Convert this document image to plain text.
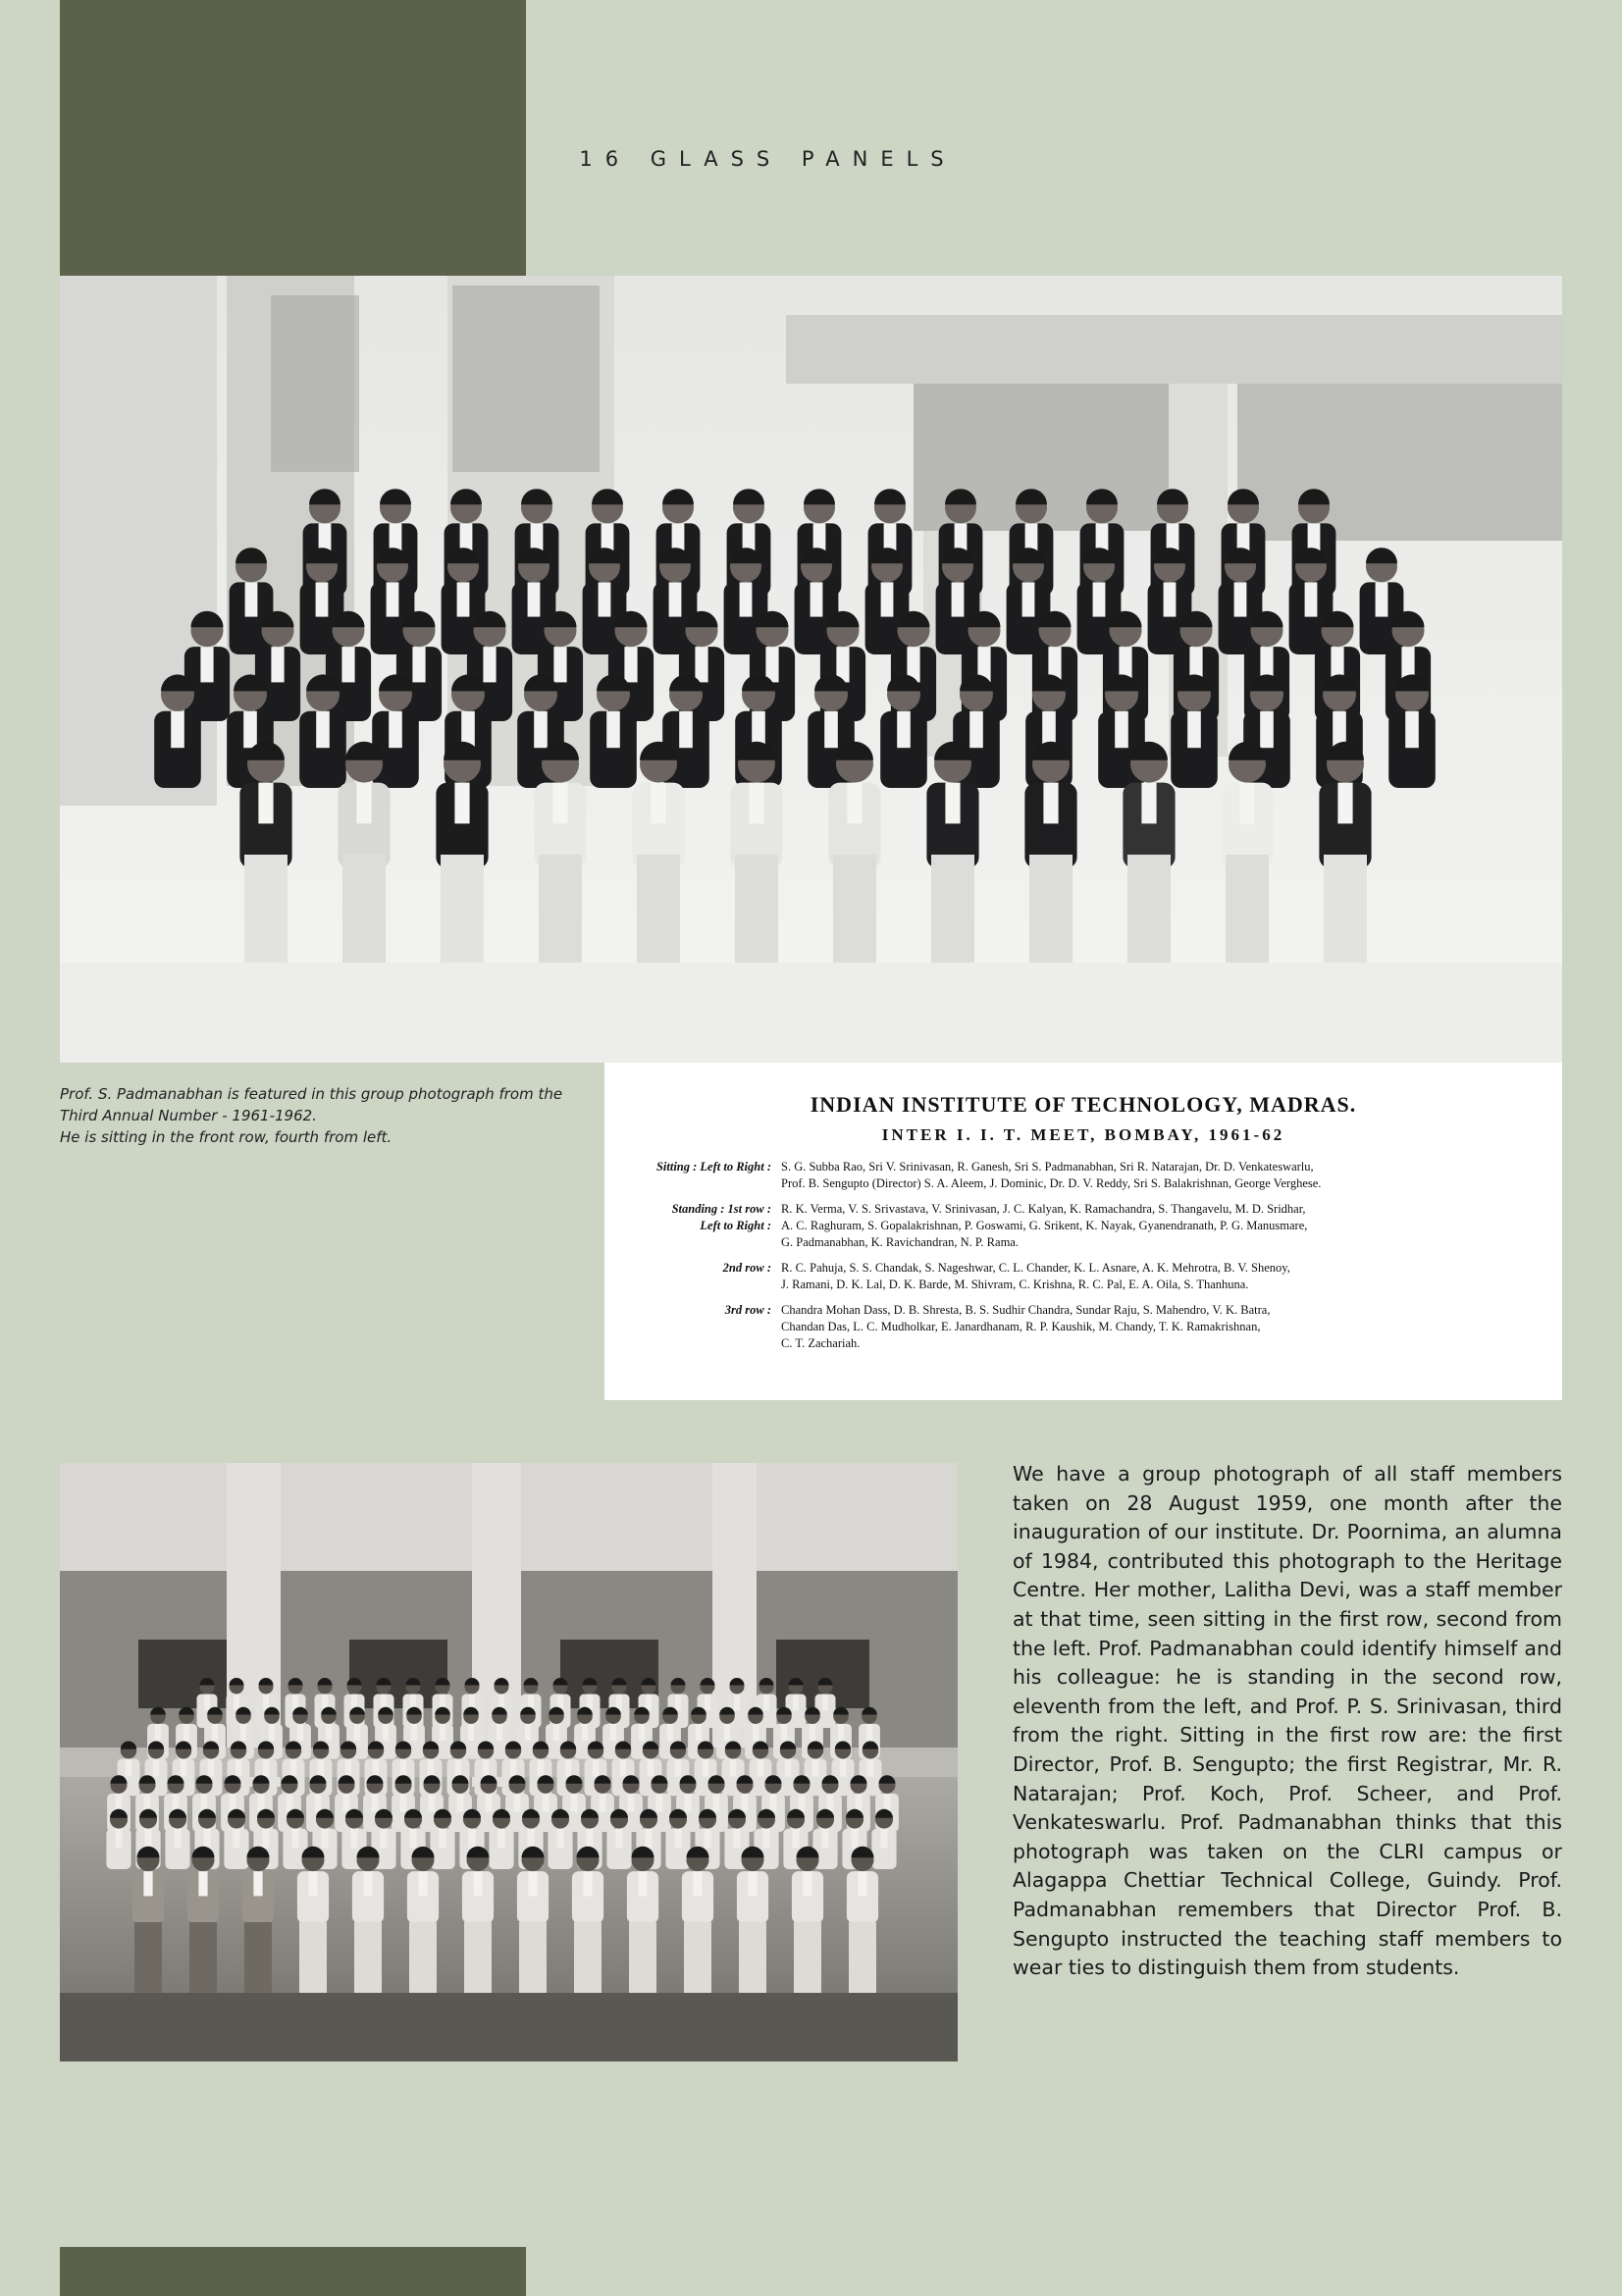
16 GLASS PANELS
Prof. S. Padmanabhan is featured in this group photograph from the
Third Annual Number - 1961-1962.
He is sitting in the front row, fourth from left.
INDIAN INSTITUTE OF TECHNOLOGY, MADRAS.
INTER I. I. T. MEET, BOMBAY, 1961-62
Sitting : Left to Right : S. G. Subba Rao, Sri V. Srinivasan, R. Ganesh, Sri S. Padmanabhan, Sri R. Natarajan, Dr. D. Venkateswarlu,
Prof. B. Sengupto (Director) S. A. Aleem, J. Dominic, Dr. D. V. Reddy, Sri S. Balakrishnan, George Verghese.
Standing : 1st row :
Left to Right :
R. K. Verma, V. S. Srivastava, V. Srinivasan, J. C. Kalyan, K. Ramachandra, S. Thangavelu, M. D. Sridhar,
A. C. Raghuram, S. Gopalakrishnan, P. Goswami, G. Srikent, K. Nayak, Gyanendranath, P. G. Manusmare,
G. Padmanabhan, K. Ravichandran, N. P. Rama.
2nd row : R. C. Pahuja, S. S. Chandak, S. Nageshwar, C. L. Chander, K. L. Asnare, A. K. Mehrotra, B. V. Shenoy,
J. Ramani, D. K. Lal, D. K. Barde, M. Shivram, C. Krishna, R. C. Pal, E. A. Oila, S. Thanhuna.
3rd row : Chandra Mohan Dass, D. B. Shresta, B. S. Sudhir Chandra, Sundar Raju, S. Mahendro, V. K. Batra,
Chandan Das, L. C. Mudholkar, E. Janardhanam, R. P. Kaushik, M. Chandy, T. K. Ramakrishnan,
C. T. Zachariah.
We have a group photograph of all staff members taken on 28 August 1959, one month after the inauguration of our institute. Dr. Poornima, an alumna of 1984, contributed this photograph to the Heritage Centre. Her mother, Lalitha Devi, was a staff member at that time, seen sitting in the first row, second from the left. Prof. Padmanabhan could identify himself and his colleague: he is standing in the second row, eleventh from the left, and Prof. P. S. Srinivasan, third from the right. Sitting in the first row are: the first Director, Prof. B. Sengupto; the first Registrar, Mr. R. Natarajan; Prof. Koch, Prof. Scheer, and Prof. Venkateswarlu. Prof. Padmanabhan thinks that this photograph was taken on the CLRI campus or Alagappa Chettiar Technical College, Guindy. Prof. Padmanabhan remembers that Director Prof. B. Sengupto instructed the teaching staff members to wear ties to distinguish them from students.
